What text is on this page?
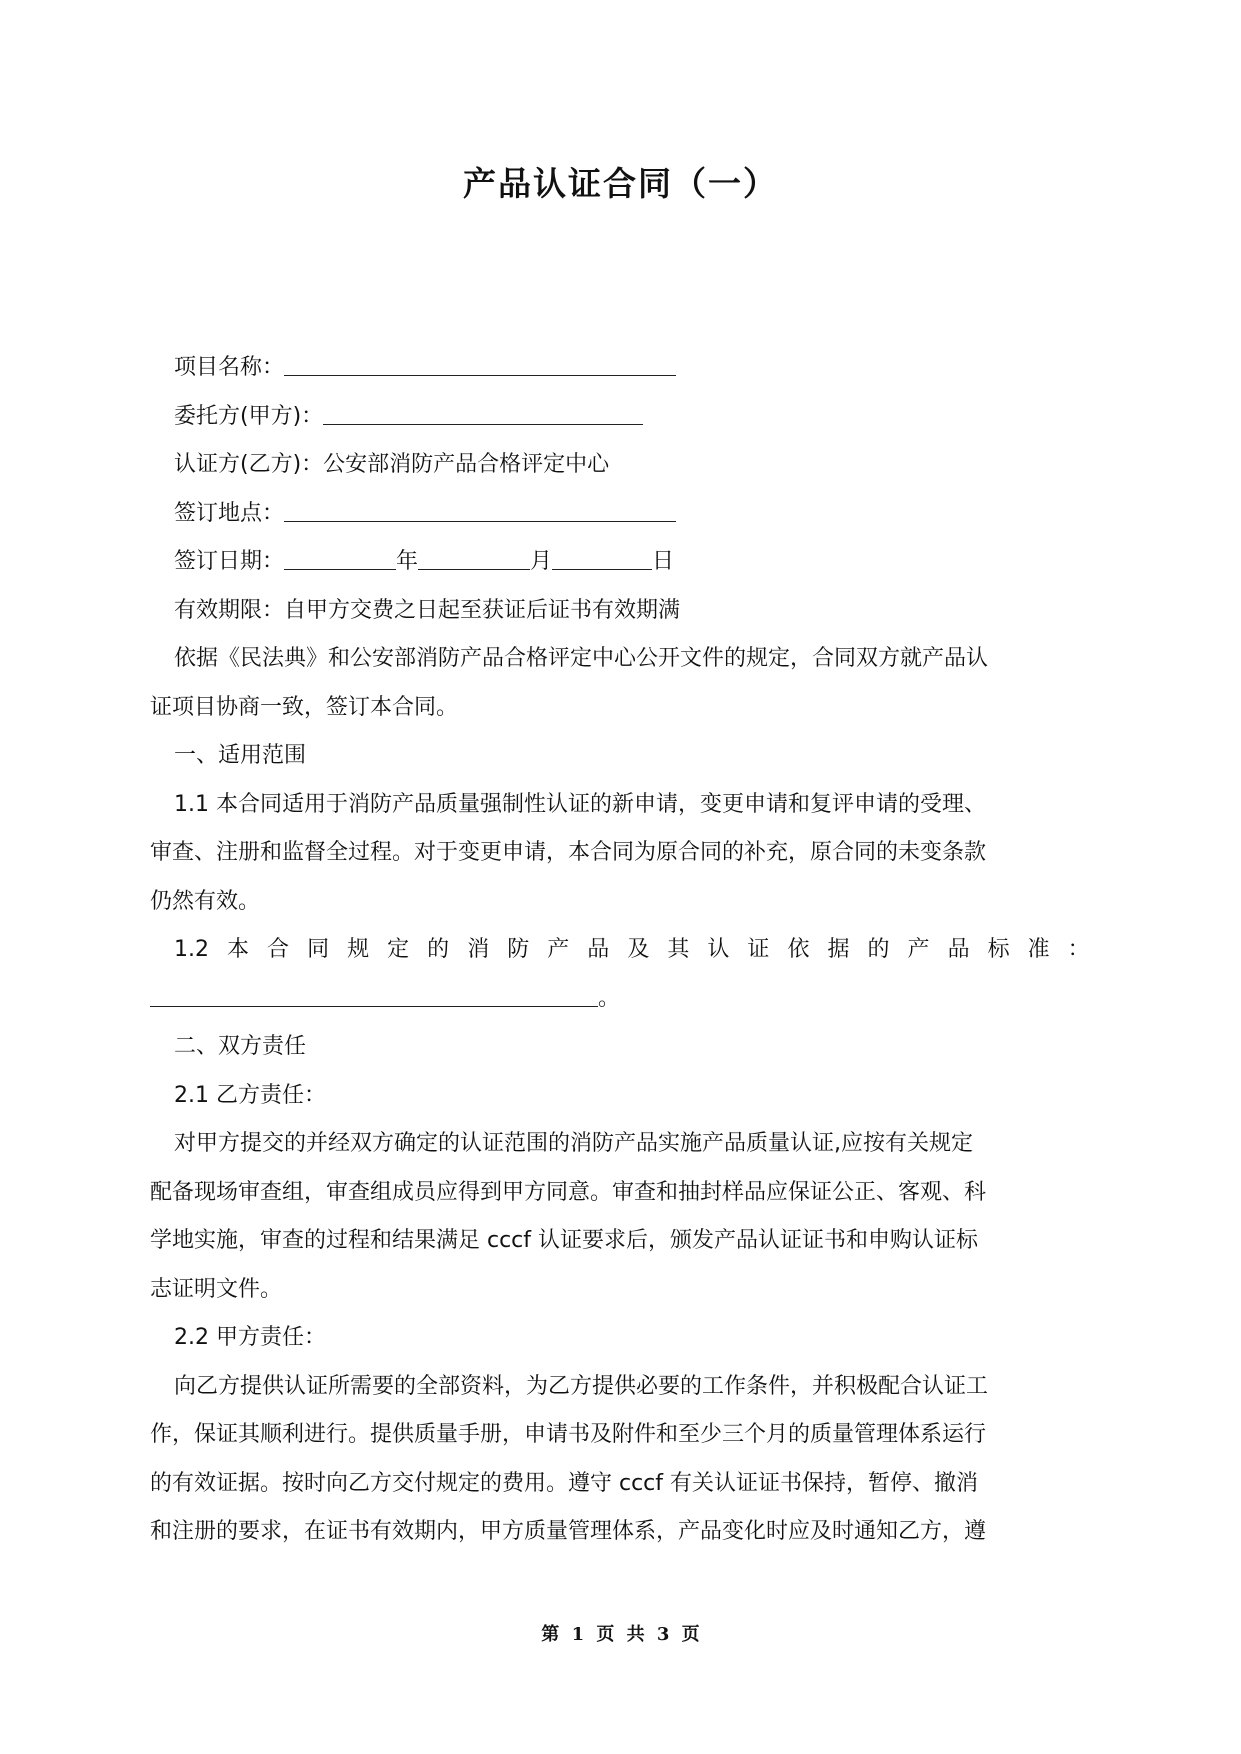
产品认证合同（一）
项目名称：
委托方(甲方)：
认证方(乙方)：公安部消防产品合格评定中心
签订地点：
签订日期：	年	月	日
有效期限：自甲方交费之日起至获证后证书有效期满
依据《民法典》和公安部消防产品合格评定中心公开文件的规定，合同双方就产品认
证项目协商一致，签订本合同。
一、适用范围
1.1 本合同适用于消防产品质量强制性认证的新申请，变更申请和复评申请的受理、
审查、注册和监督全过程。对于变更申请，本合同为原合同的补充，原合同的未变条款
仍然有效。
1.2 本 合 同 规 定 的 消 防 产 品 及 其 认 证 依 据 的 产 品 标 准 ：
。
二、双方责任
2.1 乙方责任：
对甲方提交的并经双方确定的认证范围的消防产品实施产品质量认证,应按有关规定
配备现场审查组，审查组成员应得到甲方同意。审查和抽封样品应保证公正、客观、科
学地实施，审查的过程和结果满足 cccf 认证要求后，颁发产品认证证书和申购认证标
志证明文件。
2.2 甲方责任：
向乙方提供认证所需要的全部资料，为乙方提供必要的工作条件，并积极配合认证工
作，保证其顺利进行。提供质量手册，申请书及附件和至少三个月的质量管理体系运行
的有效证据。按时向乙方交付规定的费用。遵守 cccf 有关认证证书保持，暂停、撤消
和注册的要求，在证书有效期内，甲方质量管理体系，产品变化时应及时通知乙方，遵
第 1 页 共 3 页
